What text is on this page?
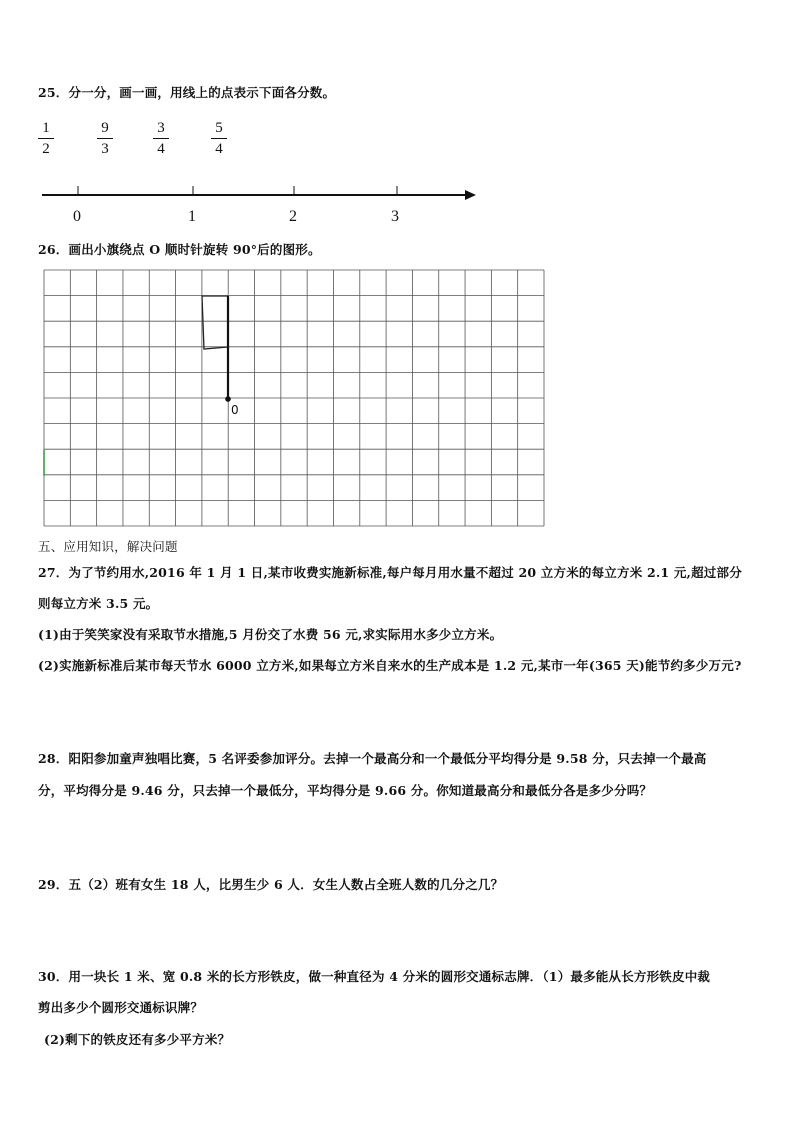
25．分一分，画一画，用线上的点表示下面各分数。
1
2
9
3
3
4
5
4
0	1	2	3
26．画出小旗绕点 O 顺时针旋转 90°后的图形。
0
五、应用知识，解决问题
27．为了节约用水,2016 年 1 月 1 日,某市收费实施新标准,每户每月用水量不超过 20 立方米的每立方米 2.1 元,超过部分
则每立方米 3.5 元。
(1)由于笑笑家没有采取节水措施,5 月份交了水费 56 元,求实际用水多少立方米。
(2)实施新标准后某市每天节水 6000 立方米,如果每立方米自来水的生产成本是 1.2 元,某市一年(365 天)能节约多少万元?
28．阳阳参加童声独唱比赛，5 名评委参加评分。去掉一个最高分和一个最低分平均得分是 9.58 分，只去掉一个最高
分，平均得分是 9.46 分，只去掉一个最低分，平均得分是 9.66 分。你知道最高分和最低分各是多少分吗？
29．五（2）班有女生 18 人，比男生少 6 人．女生人数占全班人数的几分之几？
30．用一块长 1 米、宽 0.8 米的长方形铁皮，做一种直径为 4 分米的圆形交通标志牌．（1）最多能从长方形铁皮中裁
剪出多少个圆形交通标识牌？
(2)剩下的铁皮还有多少平方米？
